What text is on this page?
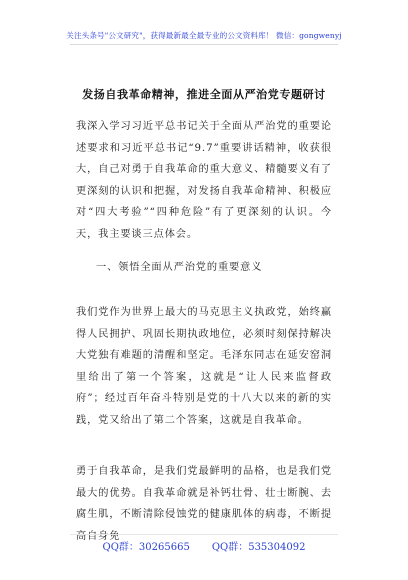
关注头条号"公文研究"，获得最新最全最专业的公文资料库！ 微信：gongwenyj
发扬自我革命精神，推进全面从严治党专题研讨
我深入学习习近平总书记关于全面从严治党的重要论述要求和习近平总书记“9.7”重要讲话精神，收获很大，自己对勇于自我革命的重大意义、精髓要义有了更深刻的认识和把握，对发扬自我革命精神、积极应对“四大考验”“四种危险”有了更深刻的认识。今天，我主要谈三点体会。
一、领悟全面从严治党的重要意义
我们党作为世界上最大的马克思主义执政党，始终赢得人民拥护、巩固长期执政地位，必须时刻保持解决大党独有难题的清醒和坚定。毛泽东同志在延安窑洞里给出了第一个答案，这就是“让人民来监督政府”；经过百年奋斗特别是党的十八大以来的新的实践，党又给出了第二个答案，这就是自我革命。
勇于自我革命，是我们党最鲜明的品格，也是我们党最大的优势。自我革命就是补钙壮骨、壮士断腕、去腐生肌，不断清除侵蚀党的健康肌体的病毒，不断提高自身免
QQ群：30265665 QQ群：535304092
